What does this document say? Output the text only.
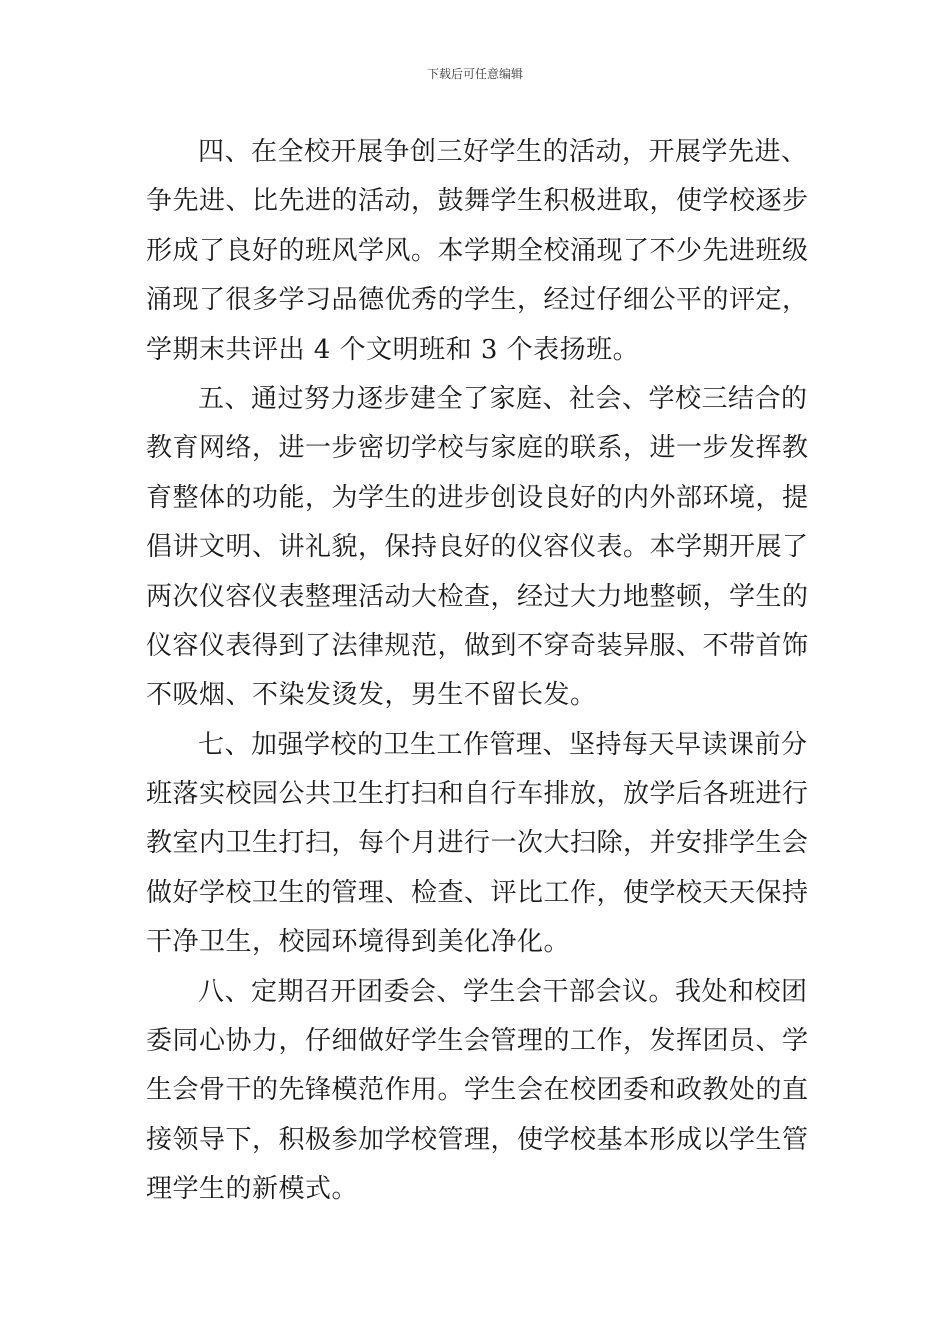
下载后可任意编辑
四、在全校开展争创三好学生的活动，开展学先进、
争先进、比先进的活动，鼓舞学生积极进取，使学校逐步
形成了良好的班风学风。本学期全校涌现了不少先进班级
涌现了很多学习品德优秀的学生，经过仔细公平的评定，
学期末共评出 4 个文明班和 3 个表扬班。
五、通过努力逐步建全了家庭、社会、学校三结合的
教育网络，进一步密切学校与家庭的联系，进一步发挥教
育整体的功能，为学生的进步创设良好的内外部环境，提
倡讲文明、讲礼貌，保持良好的仪容仪表。本学期开展了
两次仪容仪表整理活动大检查，经过大力地整顿，学生的
仪容仪表得到了法律规范，做到不穿奇装异服、不带首饰
不吸烟、不染发烫发，男生不留长发。
七、加强学校的卫生工作管理、坚持每天早读课前分
班落实校园公共卫生打扫和自行车排放，放学后各班进行
教室内卫生打扫，每个月进行一次大扫除，并安排学生会
做好学校卫生的管理、检查、评比工作，使学校天天保持
干净卫生，校园环境得到美化净化。
八、定期召开团委会、学生会干部会议。我处和校团
委同心协力，仔细做好学生会管理的工作，发挥团员、学
生会骨干的先锋模范作用。学生会在校团委和政教处的直
接领导下，积极参加学校管理，使学校基本形成以学生管
理学生的新模式。
